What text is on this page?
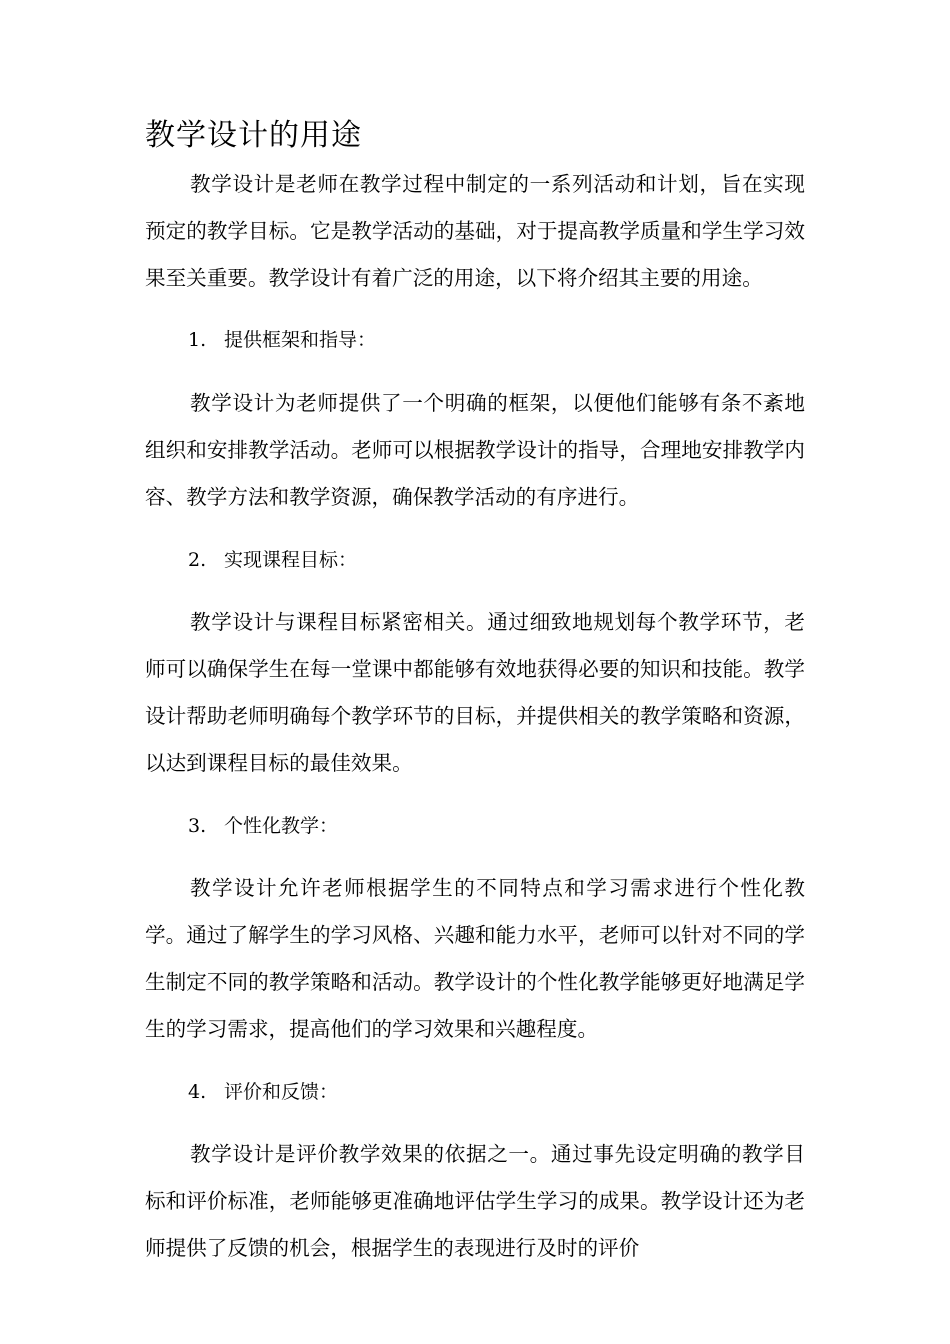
教学设计的用途

教学设计是老师在教学过程中制定的一系列活动和计划，旨在实现预定的教学目标。它是教学活动的基础，对于提高教学质量和学生学习效果至关重要。教学设计有着广泛的用途，以下将介绍其主要的用途。

1. 提供框架和指导：

教学设计为老师提供了一个明确的框架，以便他们能够有条不紊地组织和安排教学活动。老师可以根据教学设计的指导，合理地安排教学内容、教学方法和教学资源，确保教学活动的有序进行。

2. 实现课程目标：

教学设计与课程目标紧密相关。通过细致地规划每个教学环节，老师可以确保学生在每一堂课中都能够有效地获得必要的知识和技能。教学设计帮助老师明确每个教学环节的目标，并提供相关的教学策略和资源，以达到课程目标的最佳效果。

3. 个性化教学：

教学设计允许老师根据学生的不同特点和学习需求进行个性化教学。通过了解学生的学习风格、兴趣和能力水平，老师可以针对不同的学生制定不同的教学策略和活动。教学设计的个性化教学能够更好地满足学生的学习需求，提高他们的学习效果和兴趣程度。

4. 评价和反馈：

教学设计是评价教学效果的依据之一。通过事先设定明确的教学目标和评价标准，老师能够更准确地评估学生学习的成果。教学设计还为老师提供了反馈的机会，根据学生的表现进行及时的评价
